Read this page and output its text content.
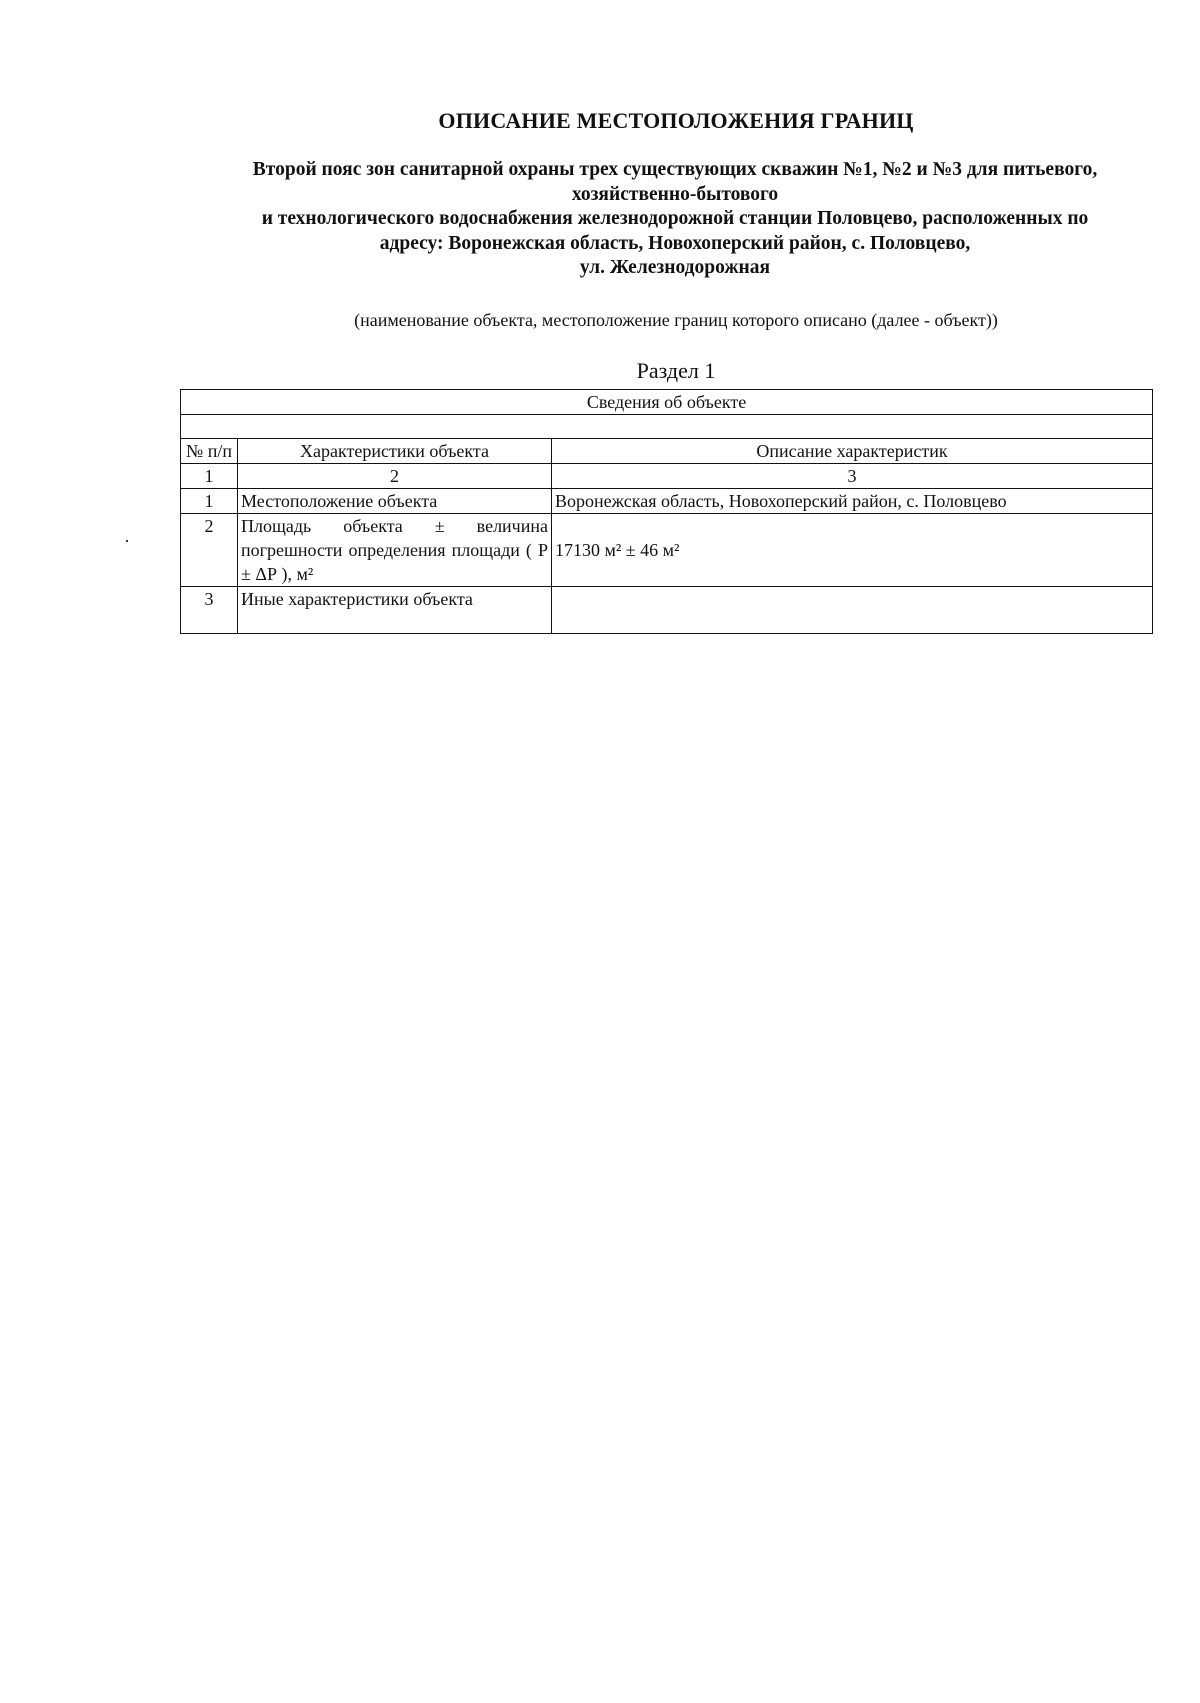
ОПИСАНИЕ МЕСТОПОЛОЖЕНИЯ ГРАНИЦ
Второй пояс зон санитарной охраны трех существующих скважин №1, №2 и №3 для питьевого,
хозяйственно-бытового
и технологического водоснабжения железнодорожной станции Половцево, расположенных по
адресу: Воронежская область, Новохоперский район, с. Половцево,
ул. Железнодорожная
(наименование объекта, местоположение границ которого описано (далее - объект))
Раздел 1
Сведения об объекте		

№ п/п	Характеристики объекта	Описание характеристик
1	2	3
1	Местоположение объекта	Воронежская область, Новохоперский район, с. Половцево
2	Площадь объекта ± величина погрешности определения площади ( Р ± ΔР ), м²	17130 м² ± 46 м²
3	Иные характеристики объекта	
